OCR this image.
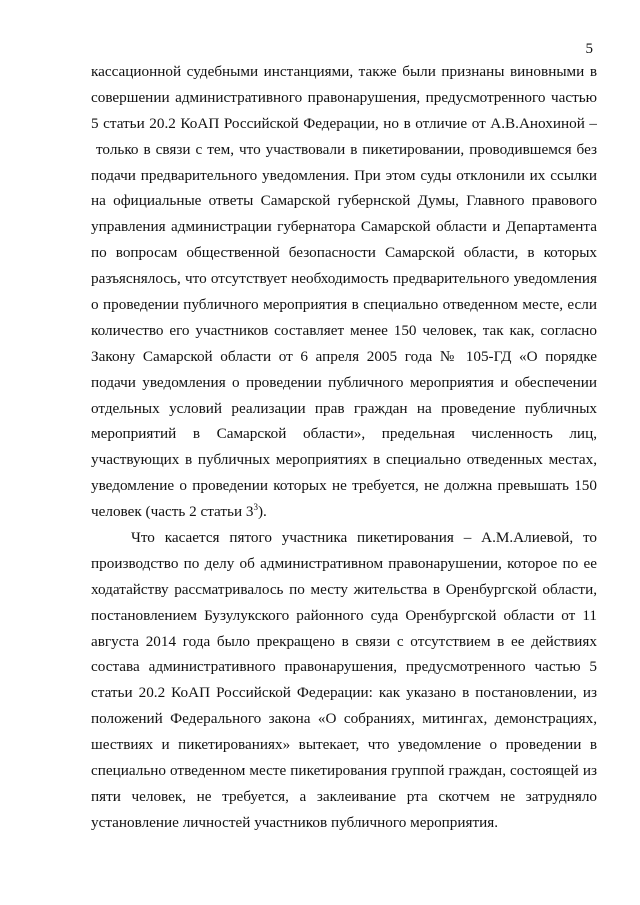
5
кассационной судебными инстанциями, также были признаны виновными в
совершении административного правонарушения, предусмотренного частью
5 статьи 20.2 КоАП Российской Федерации, но в отличие от А.В.Анохиной –
только в связи с тем, что участвовали в пикетировании, проводившемся без
подачи предварительного уведомления. При этом суды отклонили их ссылки
на официальные ответы Самарской губернской Думы, Главного правового
управления администрации губернатора Самарской области и Департамента
по вопросам общественной безопасности Самарской области, в которых
разъяснялось, что отсутствует необходимость предварительного уведомления
о проведении публичного мероприятия в специально отведенном месте, если
количество его участников составляет менее 150 человек, так как, согласно
Закону Самарской области от 6 апреля 2005 года № 105-ГД «О порядке
подачи уведомления о проведении публичного мероприятия и обеспечении
отдельных условий реализации прав граждан на проведение публичных
мероприятий в Самарской области», предельная численность лиц,
участвующих в публичных мероприятиях в специально отведенных местах,
уведомление о проведении которых не требуется, не должна превышать 150
человек (часть 2 статьи $3^3$).
Что касается пятого участника пикетирования – А.М.Алиевой, то
производство по делу об административном правонарушении, которое по ее
ходатайству рассматривалось по месту жительства в Оренбургской области,
постановлением Бузулукского районного суда Оренбургской области от 11
августа 2014 года было прекращено в связи с отсутствием в ее действиях
состава административного правонарушения, предусмотренного частью 5
статьи 20.2 КоАП Российской Федерации: как указано в постановлении, из
положений Федерального закона «О собраниях, митингах, демонстрациях,
шествиях и пикетированиях» вытекает, что уведомление о проведении в
специально отведенном месте пикетирования группой граждан, состоящей из
пяти человек, не требуется, а заклеивание рта скотчем не затрудняло
установление личностей участников публичного мероприятия.
